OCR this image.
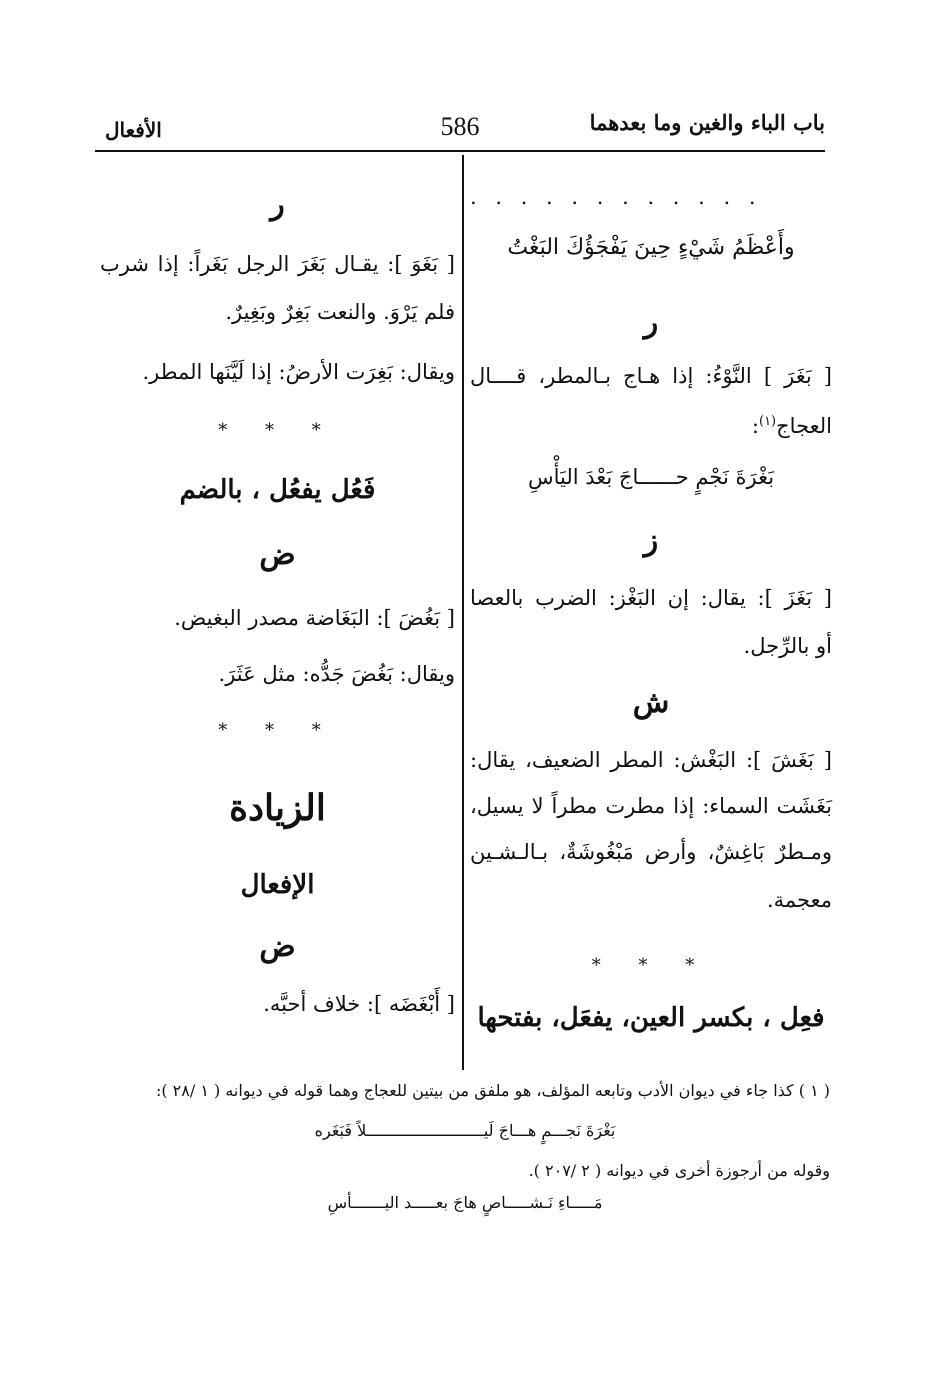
باب الباء والغين وما بعدهما
586
الأفعال
. . . . . . . . . . . .
وأَعْظَمُ شَيْءٍ حِينَ يَفْجَؤُكَ البَغْتُ
ر
[ بَغَرَ ] النَّوْءُ: إذا هـاج بـالمطر، قــــال
العجاج$^{(١)}$:
بَغْرَةَ نَجْمٍ حــــــاجَ بَعْدَ اليَأْسِ
ز
[ بَغَزَ ]: يقال: إن البَغْز: الضرب بالعصا
أو بالرِّجل.
ش
[ بَغَشَ ]: البَغْش: المطر الضعيف، يقال:
بَغَشَت السماء: إذا مطرت مطراً لا يسيل،
ومـطرٌ بَاغِشٌ، وأرض مَبْغُوشَةٌ، بـالـشـين
معجمة.
* * *
فعِل ، بكسر العين، يفعَل، بفتحها
ر
[ بَغَوَ ]: يقـال بَغَرَ الرجل بَغَراً: إذا شرب
فلم يَرْوَ. والنعت بَغِرٌ وبَغِيرٌ.
ويقال: بَغِرَت الأرضُ: إذا لَيَّنَها المطر.
* * *
فَعُل يفعُل ، بالضم
ض
[ بَغُضَ ]: البَغَاضة مصدر البغيض.
ويقال: بَغُضَ جَدُّه: مثل عَثَرَ.
* * *
الزيادة
الإفعال
ض
[ أَبْغَضَه ]: خلاف أحبَّه.
( ١ ) كذا جاء في ديوان الأدب وتابعه المؤلف، هو ملفق من بيتين للعجاج وهما قوله في ديوانه ( ١ /٢٨ ):
بَغْرَةَ نَجـــمٍ هـــاجَ لَيـــــــــــــــــــــــــلاً فَبَغَره
وقوله من أرجوزة أخرى في ديوانه ( ٢ /٢٠٧ ).
مَـــــاءِ نَـشـــــاصٍ هاجَ بعـــــد اليـــــــأسِ
